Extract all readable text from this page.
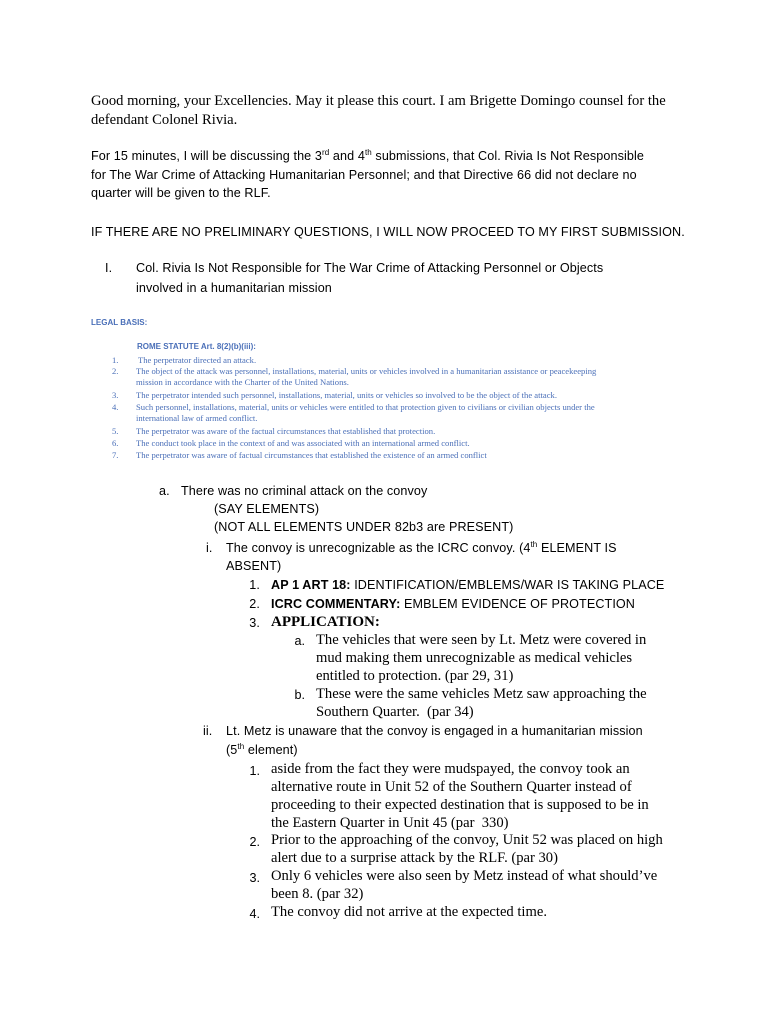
Good morning, your Excellencies. May it please this court. I am Brigette Domingo counsel for the
defendant Colonel Rivia.
For 15 minutes, I will be discussing the 3rd and 4th submissions, that Col. Rivia Is Not Responsible
for The War Crime of Attacking Humanitarian Personnel; and that Directive 66 did not declare no
quarter will be given to the RLF.
IF THERE ARE NO PRELIMINARY QUESTIONS, I WILL NOW PROCEED TO MY FIRST SUBMISSION.
I. Col. Rivia Is Not Responsible for The War Crime of Attacking Personnel or Objects
involved in a humanitarian mission
LEGAL BASIS:
ROME STATUTE Art. 8(2)(b)(iii):
1.	The perpetrator directed an attack.
2.	The object of the attack was personnel, installations, material, units or vehicles involved in a humanitarian assistance or peacekeeping
mission in accordance with the Charter of the United Nations.
3.	The perpetrator intended such personnel, installations, material, units or vehicles so involved to be the object of the attack.
4.	Such personnel, installations, material, units or vehicles were entitled to that protection given to civilians or civilian objects under the
international law of armed conflict.
5.	The perpetrator was aware of the factual circumstances that established that protection.
6.	The conduct took place in the context of and was associated with an international armed conflict.
7.	The perpetrator was aware of factual circumstances that established the existence of an armed conflict
a. There was no criminal attack on the convoy
(SAY ELEMENTS)
(NOT ALL ELEMENTS UNDER 82b3 are PRESENT)
i. The convoy is unrecognizable as the ICRC convoy. (4th ELEMENT IS
ABSENT)
1. AP 1 ART 18: IDENTIFICATION/EMBLEMS/WAR IS TAKING PLACE
2. ICRC COMMENTARY: EMBLEM EVIDENCE OF PROTECTION
3. APPLICATION:
a. The vehicles that were seen by Lt. Metz were covered in
mud making them unrecognizable as medical vehicles
entitled to protection. (par 29, 31)
b. These were the same vehicles Metz saw approaching the
Southern Quarter.  (par 34)
ii. Lt. Metz is unaware that the convoy is engaged in a humanitarian mission
(5th element)
1. aside from the fact they were mudspayed, the convoy took an
alternative route in Unit 52 of the Southern Quarter instead of
proceeding to their expected destination that is supposed to be in
the Eastern Quarter in Unit 45 (par  330)
2. Prior to the approaching of the convoy, Unit 52 was placed on high
alert due to a surprise attack by the RLF. (par 30)
3. Only 6 vehicles were also seen by Metz instead of what should’ve
been 8. (par 32)
4. The convoy did not arrive at the expected time.
